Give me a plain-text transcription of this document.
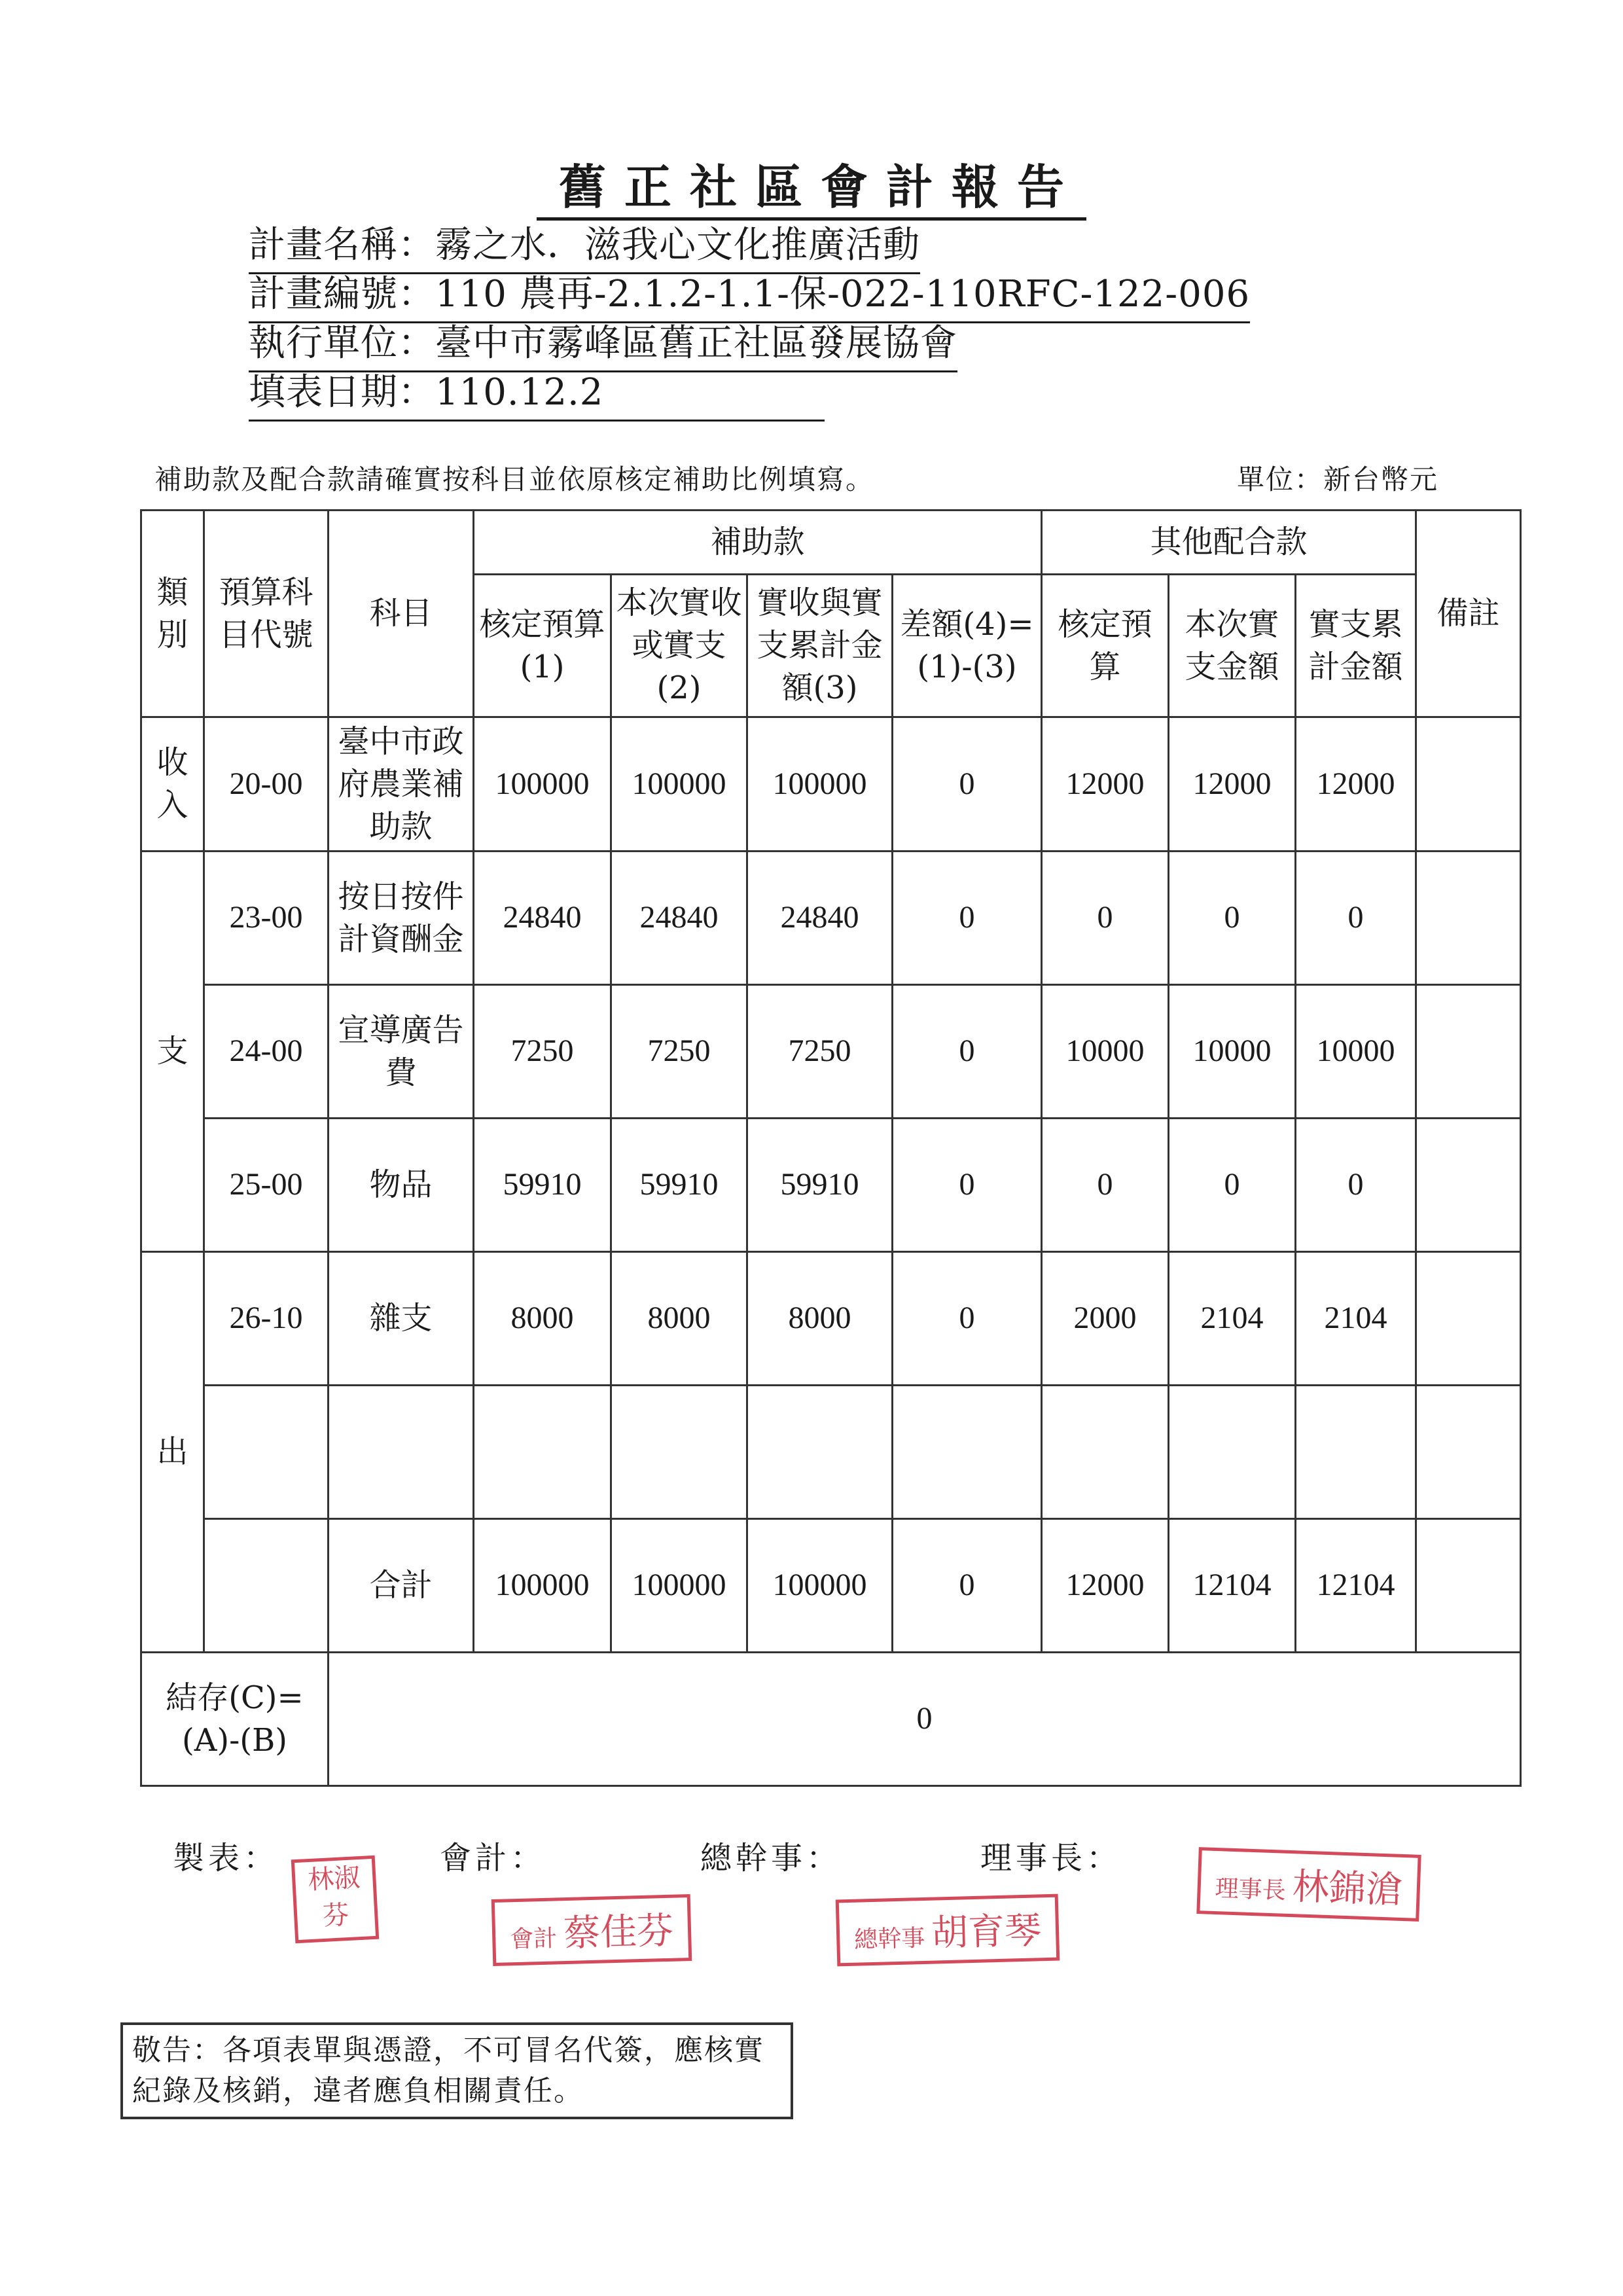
舊正社區會計報告
計畫名稱：霧之水．滋我心文化推廣活動
計畫編號：110 農再-2.1.2-1.1-保-022-110RFC-122-006
執行單位：臺中市霧峰區舊正社區發展協會
填表日期：110.12.2
補助款及配合款請確實按科目並依原核定補助比例填寫。	單位：新台幣元
類別	預算科目代號	科目	補助款				其他配合款			備註
			核定預算(1)	本次實收或實支(2)	實收與實支累計金額(3)	差額(4)=(1)-(3)	核定預算	本次實支金額	實支累計金額	
收入	20-00	臺中市政府農業補助款	100000	100000	100000	0	12000	12000	12000	
支	23-00	按日按件計資酬金	24840	24840	24840	0	0	0	0	
	24-00	宣導廣告費	7250	7250	7250	0	10000	10000	10000	
	25-00	物品	59910	59910	59910	0	0	0	0	
出	26-10	雜支	8000	8000	8000	0	2000	2104	2104	

		合計	100000	100000	100000	0	12000	12104	12104	
結存(C)=(A)-(B)		0								
製表：	會計：	總幹事：	理事長：
林淑芬
會計 蔡佳芬	總幹事 胡育琴
理事長 林錦滄
敬告：各項表單與憑證，不可冒名代簽，應核實紀錄及核銷，違者應負相關責任。
